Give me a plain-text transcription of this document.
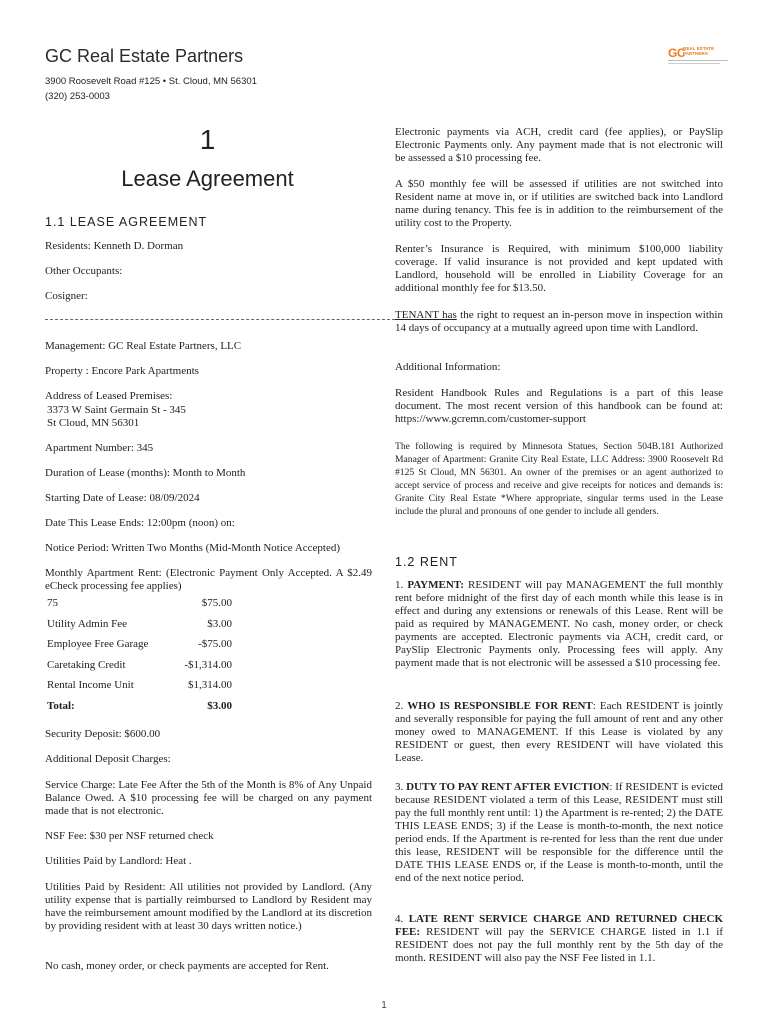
GC Real Estate Partners
3900 Roosevelt Road #125 • St. Cloud, MN 56301
(320) 253-0003
GC
REAL ESTATE
PARTNERS
1
Lease Agreement
1.1 LEASE AGREEMENT
Residents: Kenneth D. Dorman
Other Occupants:
Cosigner:
Management: GC Real Estate Partners, LLC
Property : Encore Park Apartments
Address of Leased Premises:
3373 W Saint Germain St - 345
St Cloud, MN 56301
Apartment Number: 345
Duration of Lease (months): Month to Month
Starting Date of Lease: 08/09/2024
Date This Lease Ends: 12:00pm (noon) on:
Notice Period: Written Two Months (Mid-Month Notice Accepted)
Monthly Apartment Rent: (Electronic Payment Only Accepted. A $2.49 eCheck processing fee applies)
75	$75.00
Utility Admin Fee	$3.00
Employee Free Garage	-$75.00
Caretaking Credit	-$1,314.00
Rental Income Unit	$1,314.00
Total:	$3.00
Security Deposit: $600.00
Additional Deposit Charges:
Service Charge: Late Fee After the 5th of the Month is 8% of Any Unpaid Balance Owed. A $10 processing fee will be charged on any payment made that is not electronic.
NSF Fee: $30 per NSF returned check
Utilities Paid by Landlord: Heat .
Utilities Paid by Resident: All utilities not provided by Landlord. (Any utility expense that is partially reimbursed to Landlord by Resident may have the reimbursement amount modified by the Landlord at its discretion by providing resident with at least 30 days written notice.)
No cash, money order, or check payments are accepted for Rent.
Electronic payments via ACH, credit card (fee applies), or PaySlip Electronic Payments only. Any payment made that is not electronic will be assessed a $10 processing fee.
A $50 monthly fee will be assessed if utilities are not switched into Resident name at move in, or if utilities are switched back into Landlord name during tenancy. This fee is in addition to the reimbursement of the utility cost to the Property.
Renter’s Insurance is Required, with minimum $100,000 liability coverage. If valid insurance is not provided and kept updated with Landlord, household will be enrolled in Liability Coverage for an additional monthly fee for $13.50.
TENANT has the right to request an in-person move in inspection within 14 days of occupancy at a mutually agreed upon time with Landlord.
Additional Information:
Resident Handbook Rules and Regulations is a part of this lease document. The most recent version of this handbook can be found at: https://www.gcremn.com/customer-support
The following is required by Minnesota Statues, Section 504B.181 Authorized Manager of Apartment: Granite City Real Estate, LLC Address: 3900 Roosevelt Rd #125 St Cloud, MN 56301. An owner of the premises or an agent authorized to accept service of process and receive and give receipts for notices and demands is: Granite City Real Estate *Where appropriate, singular terms used in the Lease include the plural and pronouns of one gender to include all genders.
1.2 RENT
1. PAYMENT: RESIDENT will pay MANAGEMENT the full monthly rent before midnight of the first day of each month while this lease is in effect and during any extensions or renewals of this Lease. Rent will be paid as required by MANAGEMENT. No cash, money order, or check payments are accepted. Electronic payments via ACH, credit card, or PaySlip Electronic Payments only. Processing fees will apply. Any payment made that is not electronic will be assessed a $10 processing fee.
2. WHO IS RESPONSIBLE FOR RENT: Each RESIDENT is jointly and severally responsible for paying the full amount of rent and any other money owed to MANAGEMENT. If this Lease is violated by any RESIDENT or guest, then every RESIDENT will have violated this Lease.
3. DUTY TO PAY RENT AFTER EVICTION: If RESIDENT is evicted because RESIDENT violated a term of this Lease, RESIDENT must still pay the full monthly rent until: 1) the Apartment is re-rented; 2) the DATE THIS LEASE ENDS; 3) if the Lease is month-to-month, the next notice period ends. If the Apartment is re-rented for less than the rent due under this lease, RESIDENT will be responsible for the difference until the DATE THIS LEASE ENDS or, if the Lease is month-to-month, until the end of the next notice period.
4. LATE RENT SERVICE CHARGE AND RETURNED CHECK FEE: RESIDENT will pay the SERVICE CHARGE listed in 1.1 if RESIDENT does not pay the full monthly rent by the 5th day of the month. RESIDENT will also pay the NSF Fee listed in 1.1.
1
